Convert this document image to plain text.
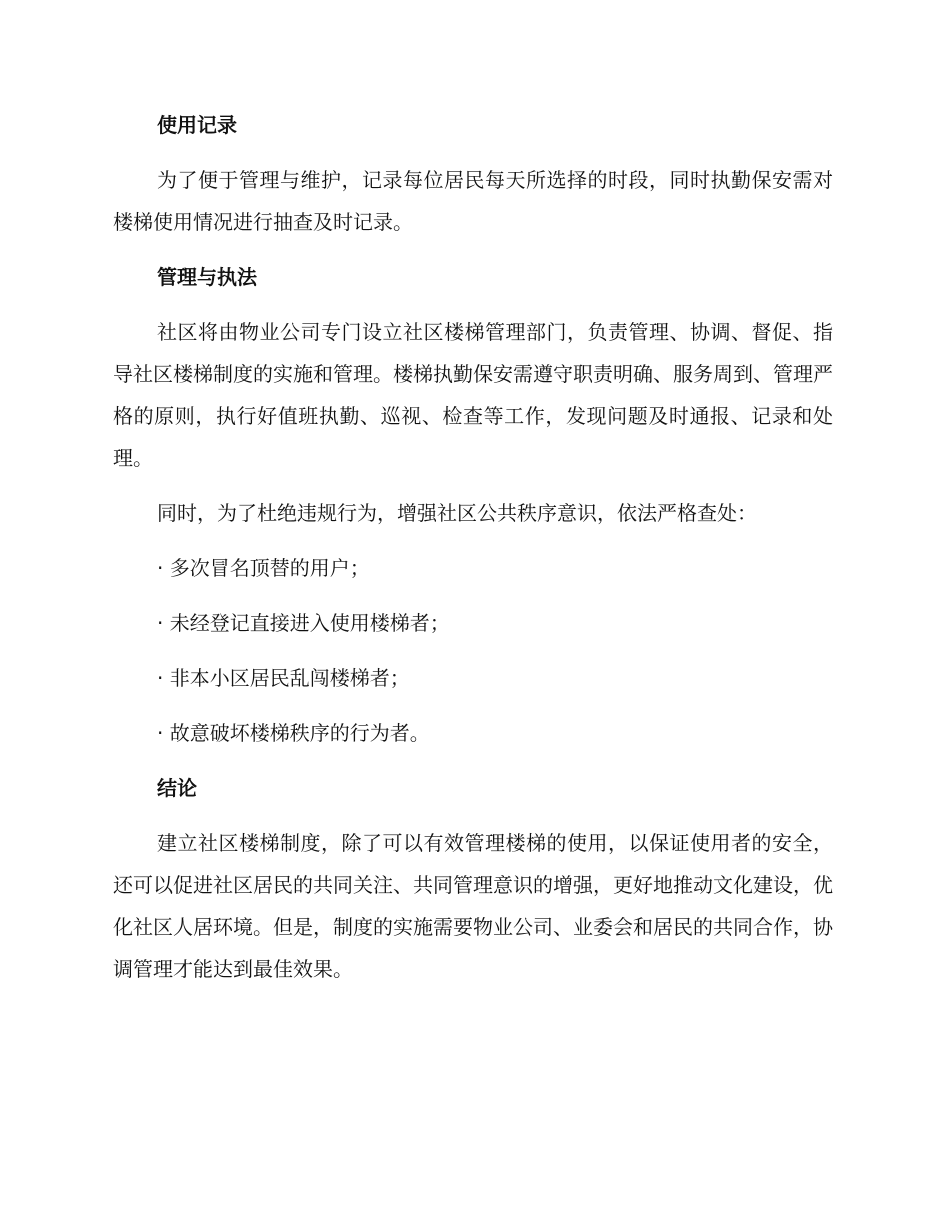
使用记录
为了便于管理与维护，记录每位居民每天所选择的时段，同时执勤保安需对楼梯使用情况进行抽查及时记录。
管理与执法
社区将由物业公司专门设立社区楼梯管理部门，负责管理、协调、督促、指导社区楼梯制度的实施和管理。楼梯执勤保安需遵守职责明确、服务周到、管理严格的原则，执行好值班执勤、巡视、检查等工作，发现问题及时通报、记录和处理。
同时，为了杜绝违规行为，增强社区公共秩序意识，依法严格查处：
· 多次冒名顶替的用户；
· 未经登记直接进入使用楼梯者；
· 非本小区居民乱闯楼梯者；
· 故意破坏楼梯秩序的行为者。
结论
建立社区楼梯制度，除了可以有效管理楼梯的使用，以保证使用者的安全，还可以促进社区居民的共同关注、共同管理意识的增强，更好地推动文化建设，优化社区人居环境。但是，制度的实施需要物业公司、业委会和居民的共同合作，协调管理才能达到最佳效果。
